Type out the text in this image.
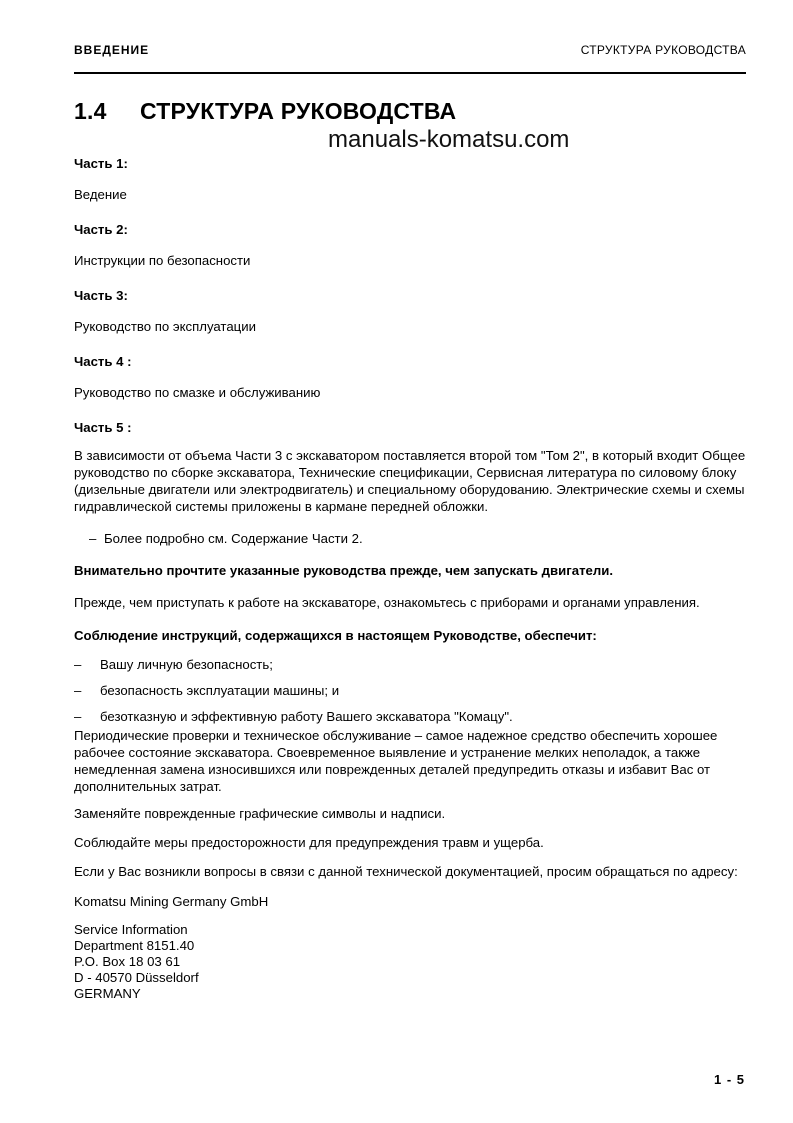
ВВЕДЕНИЕ	СТРУКТУРА РУКОВОДСТВА
1.4	СТРУКТУРА РУКОВОДСТВА
manuals-komatsu.com

Часть 1:

Ведение

Часть 2:

Инструкции по безопасности

Часть 3:

Руководство по эксплуатации

Часть 4 :

Руководство по смазке и обслуживанию

Часть 5 :

В зависимости от объема Части 3 с экскаватором поставляется второй том "Том 2", в который входит Общее руководство по сборке экскаватора, Технические спецификации, Сервисная литература по силовому блоку (дизельные двигатели или электродвигатель) и специальному оборудованию. Электрические схемы и схемы гидравлической системы приложены в кармане передней обложки.

– Более подробно см. Содержание Части 2.

Внимательно прочтите указанные руководства прежде, чем запускать двигатели.

Прежде, чем приступать к работе на экскаваторе, ознакомьтесь с приборами и органами управления.

Соблюдение инструкций, содержащихся в настоящем Руководстве, обеспечит:

–	Вашу личную безопасность;
–	безопасность эксплуатации машины; и
–	безотказную и эффективную работу Вашего экскаватора "Комацу".

Периодические проверки и техническое обслуживание – самое надежное средство обеспечить хорошее рабочее состояние экскаватора. Своевременное выявление и устранение мелких неполадок, а также немедленная замена износившихся или поврежденных деталей предупредить отказы и избавит Вас от дополнительных затрат.

Заменяйте поврежденные графические символы и надписи.

Соблюдайте меры предосторожности для предупреждения травм и ущерба.

Если у Вас возникли вопросы в связи с данной технической документацией, просим обращаться по адресу:

Komatsu Mining Germany GmbH

Service Information

Department 8151.40

P.O. Box 18 03 61

D - 40570 Düsseldorf

GERMANY

1 - 5
